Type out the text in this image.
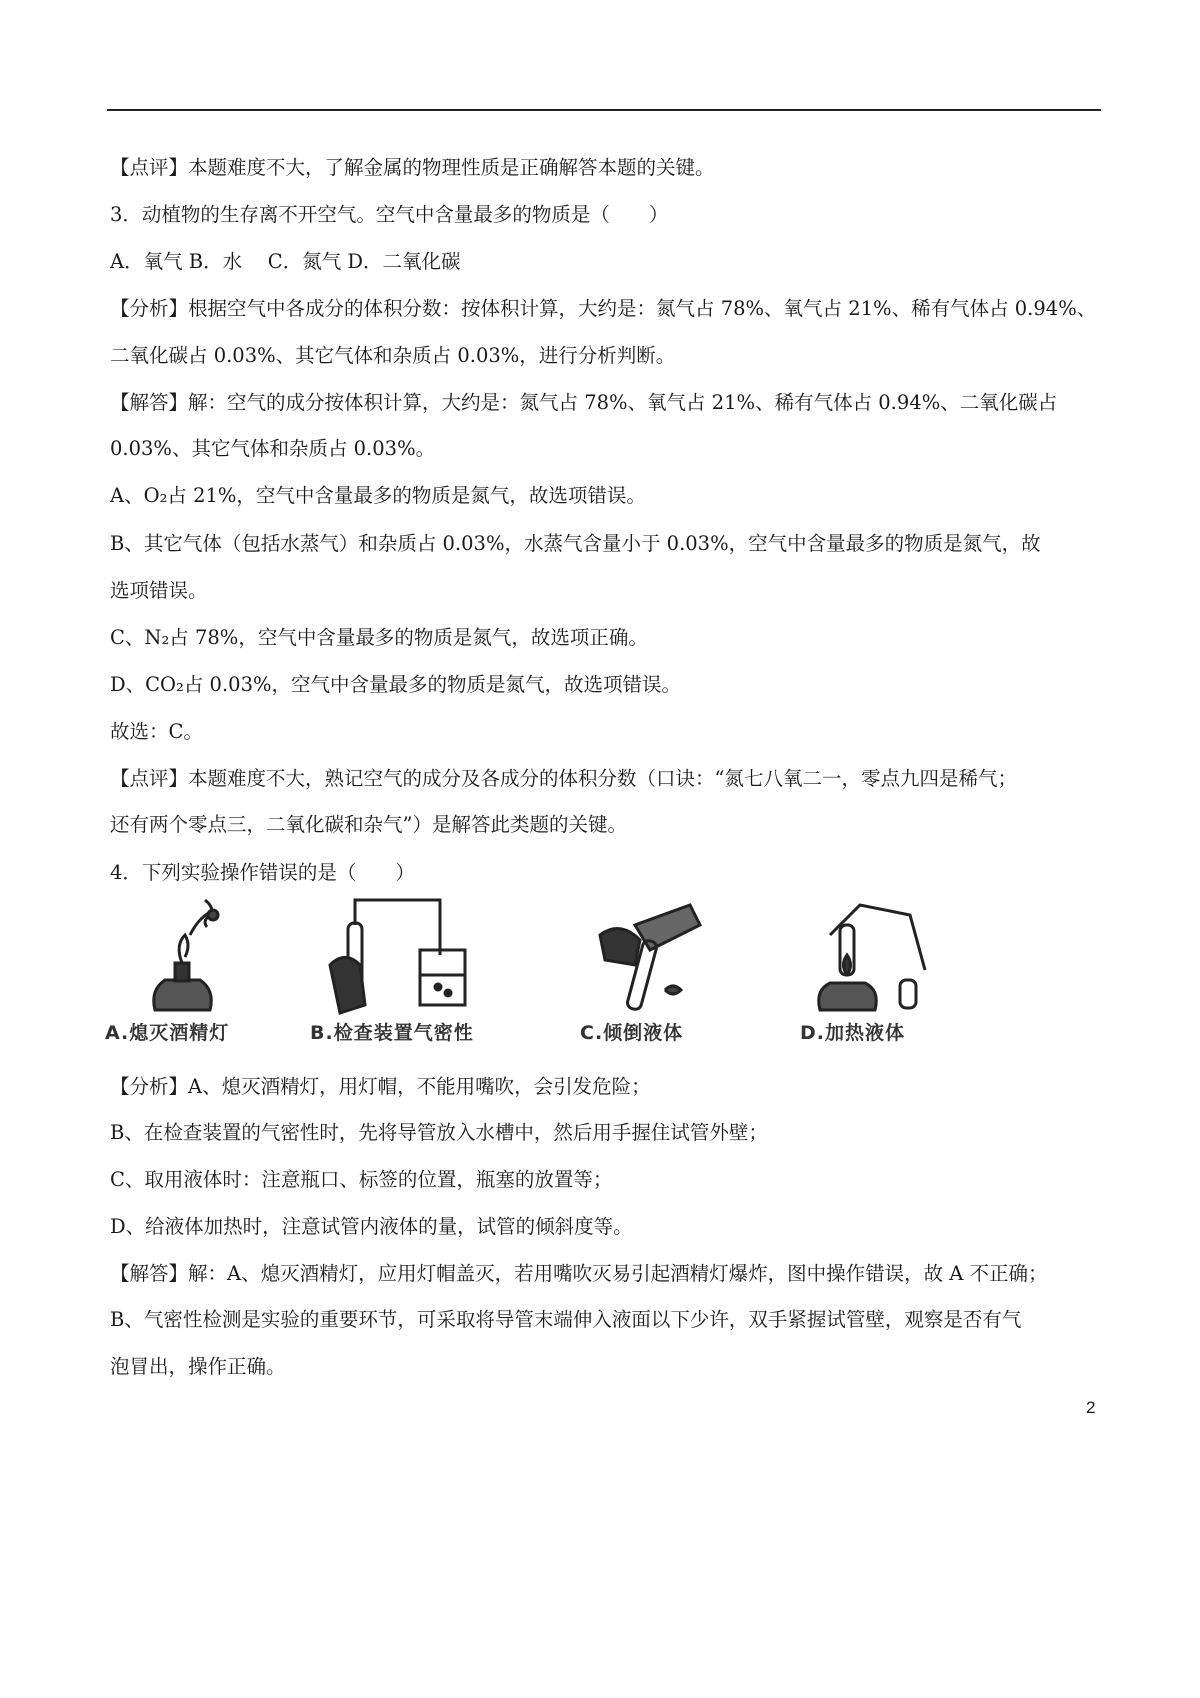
【点评】本题难度不大，了解金属的物理性质是正确解答本题的关键。
3．动植物的生存离不开空气。空气中含量最多的物质是（　　）
A．氧气 B．水　 C．氮气 D．二氧化碳
【分析】根据空气中各成分的体积分数：按体积计算，大约是：氮气占 78%、氧气占 21%、稀有气体占 0.94%、
二氧化碳占 0.03%、其它气体和杂质占 0.03%，进行分析判断。
【解答】解：空气的成分按体积计算，大约是：氮气占 78%、氧气占 21%、稀有气体占 0.94%、二氧化碳占
0.03%、其它气体和杂质占 0.03%。
A、O₂占 21%，空气中含量最多的物质是氮气，故选项错误。
B、其它气体（包括水蒸气）和杂质占 0.03%，水蒸气含量小于 0.03%，空气中含量最多的物质是氮气，故
选项错误。
C、N₂占 78%，空气中含量最多的物质是氮气，故选项正确。
D、CO₂占 0.03%，空气中含量最多的物质是氮气，故选项错误。
故选：C。
【点评】本题难度不大，熟记空气的成分及各成分的体积分数（口诀：“氮七八氧二一，零点九四是稀气；
还有两个零点三，二氧化碳和杂气”）是解答此类题的关键。
4．下列实验操作错误的是（　　）
A.熄灭酒精灯	B.检查装置气密性	C.倾倒液体	D.加热液体
【分析】A、熄灭酒精灯，用灯帽，不能用嘴吹，会引发危险；
B、在检查装置的气密性时，先将导管放入水槽中，然后用手握住试管外壁；
C、取用液体时：注意瓶口、标签的位置，瓶塞的放置等；
D、给液体加热时，注意试管内液体的量，试管的倾斜度等。
【解答】解：A、熄灭酒精灯，应用灯帽盖灭，若用嘴吹灭易引起酒精灯爆炸，图中操作错误，故 A 不正确；
B、气密性检测是实验的重要环节，可采取将导管末端伸入液面以下少许，双手紧握试管壁，观察是否有气
泡冒出，操作正确。
2
